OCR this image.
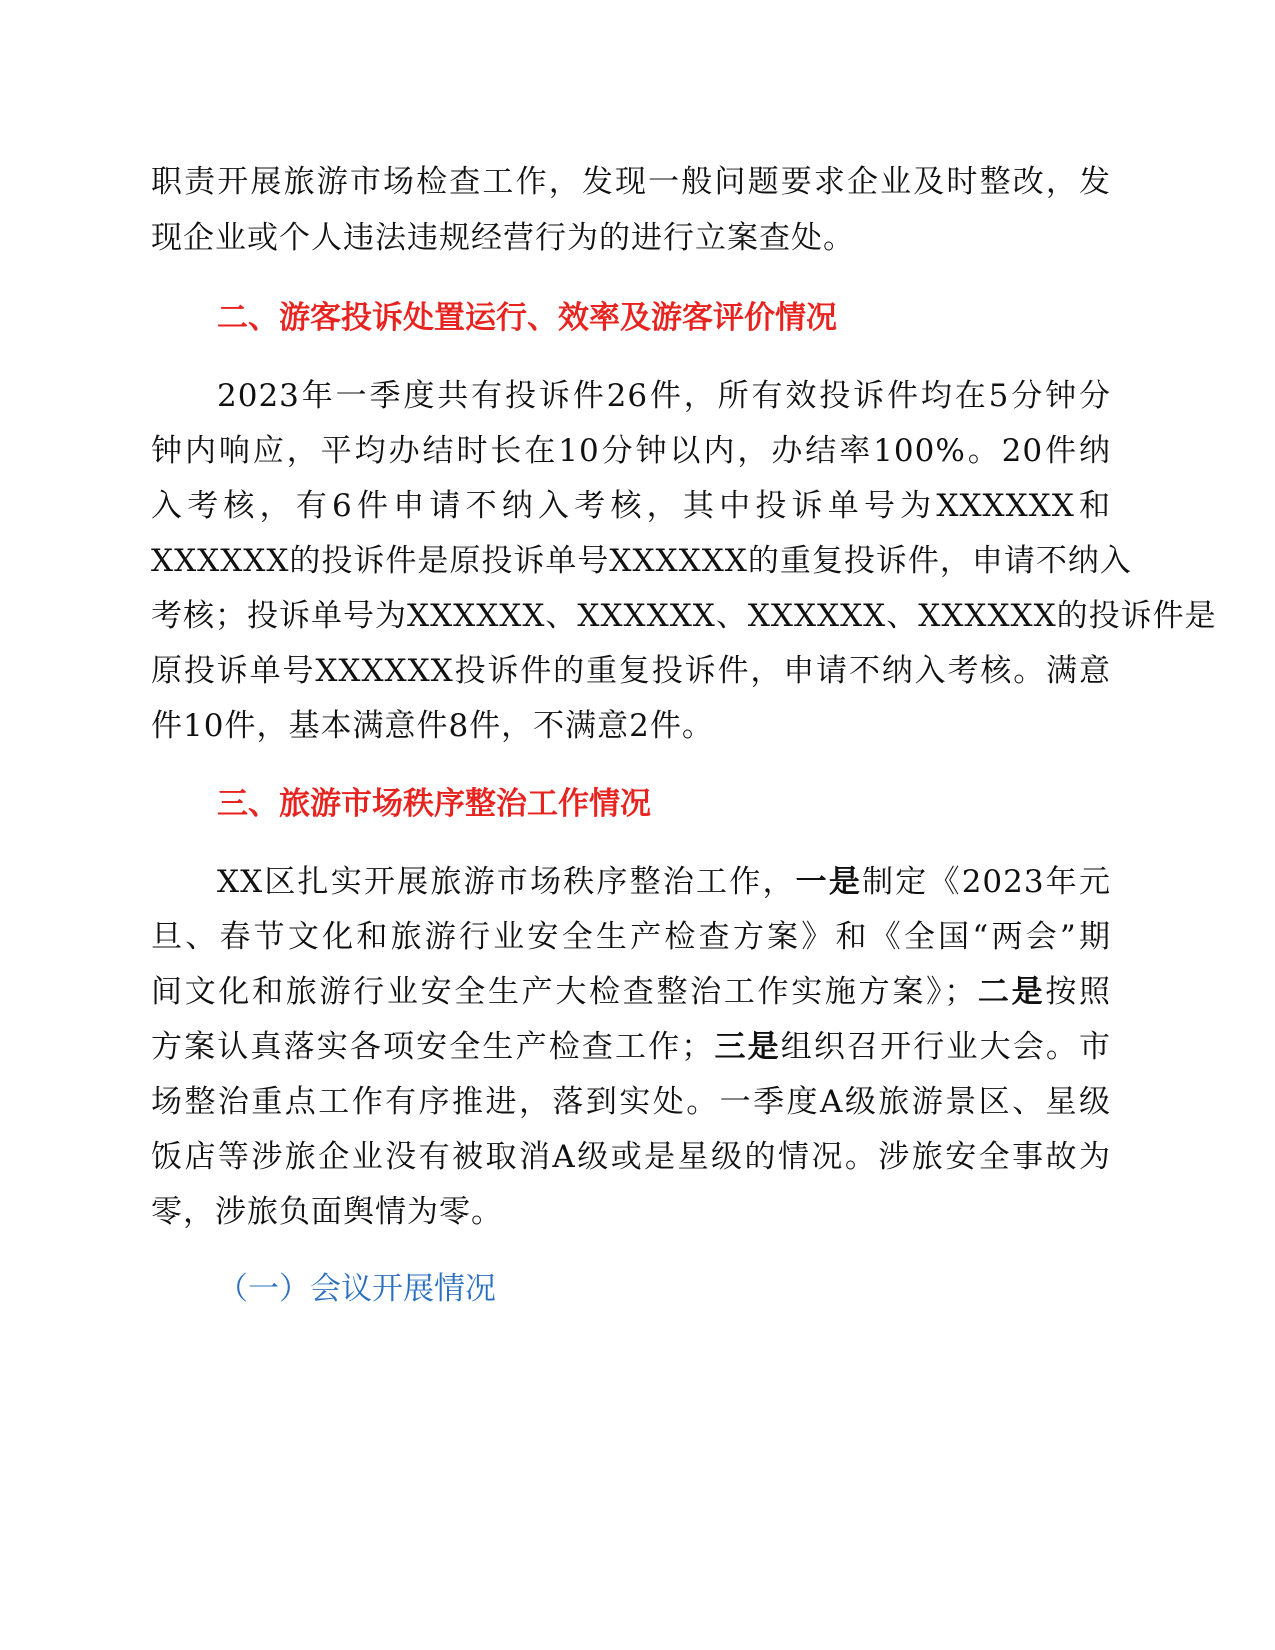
职责开展旅游市场检查工作，发现一般问题要求企业及时整改，发
现企业或个人违法违规经营行为的进行立案查处。
二、游客投诉处置运行、效率及游客评价情况
2023年一季度共有投诉件26件，所有效投诉件均在5分钟分
钟内响应，平均办结时长在10分钟以内，办结率100%。20件纳
入考核，有6件申请不纳入考核，其中投诉单号为XXXXXX和
XXXXXX的投诉件是原投诉单号XXXXXX的重复投诉件，申请不纳入
考核；投诉单号为XXXXXX、XXXXXX、XXXXXX、XXXXXX的投诉件是
原投诉单号XXXXXX投诉件的重复投诉件，申请不纳入考核。满意
件10件，基本满意件8件，不满意2件。
三、旅游市场秩序整治工作情况
XX区扎实开展旅游市场秩序整治工作，一是制定《2023年元
旦、春节文化和旅游行业安全生产检查方案》和《全国“两会”期
间文化和旅游行业安全生产大检查整治工作实施方案》；二是按照
方案认真落实各项安全生产检查工作；三是组织召开行业大会。市
场整治重点工作有序推进，落到实处。一季度A级旅游景区、星级
饭店等涉旅企业没有被取消A级或是星级的情况。涉旅安全事故为
零，涉旅负面舆情为零。
（一）会议开展情况
